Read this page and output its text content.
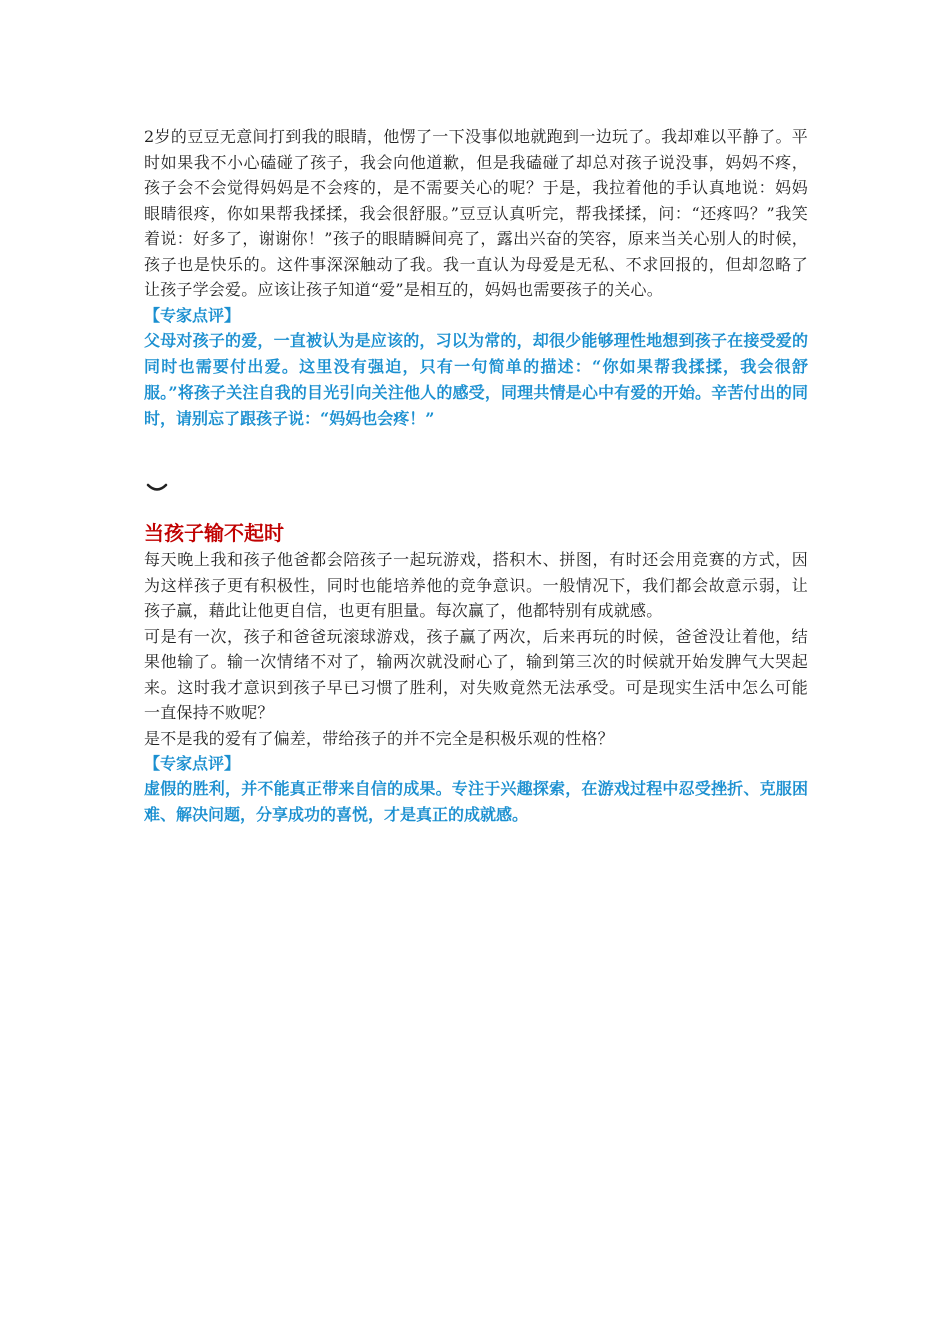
2岁的豆豆无意间打到我的眼睛，他愣了一下没事似地就跑到一边玩了。我却难以平静了。平时如果我不小心磕碰了孩子，我会向他道歉，但是我磕碰了却总对孩子说没事，妈妈不疼，孩子会不会觉得妈妈是不会疼的，是不需要关心的呢？于是，我拉着他的手认真地说：妈妈眼睛很疼，你如果帮我揉揉，我会很舒服。”豆豆认真听完，帮我揉揉，问：“还疼吗？”我笑着说：好多了，谢谢你！”孩子的眼睛瞬间亮了，露出兴奋的笑容，原来当关心别人的时候，孩子也是快乐的。这件事深深触动了我。我一直认为母爱是无私、不求回报的，但却忽略了让孩子学会爱。应该让孩子知道“爱”是相互的，妈妈也需要孩子的关心。

【专家点评】

父母对孩子的爱，一直被认为是应该的，习以为常的，却很少能够理性地想到孩子在接受爱的同时也需要付出爱。这里没有强迫，只有一句简单的描述：“你如果帮我揉揉，我会很舒服。”将孩子关注自我的目光引向关注他人的感受，同理共情是心中有爱的开始。辛苦付出的同时，请别忘了跟孩子说：“妈妈也会疼！”

当孩子输不起时

每天晚上我和孩子他爸都会陪孩子一起玩游戏，搭积木、拼图，有时还会用竞赛的方式，因为这样孩子更有积极性，同时也能培养他的竞争意识。一般情况下，我们都会故意示弱，让孩子赢，藉此让他更自信，也更有胆量。每次赢了，他都特别有成就感。

可是有一次，孩子和爸爸玩滚球游戏，孩子赢了两次，后来再玩的时候，爸爸没让着他，结果他输了。输一次情绪不对了，输两次就没耐心了，输到第三次的时候就开始发脾气大哭起来。这时我才意识到孩子早已习惯了胜利，对失败竟然无法承受。可是现实生活中怎么可能一直保持不败呢？

是不是我的爱有了偏差，带给孩子的并不完全是积极乐观的性格？

【专家点评】

虚假的胜利，并不能真正带来自信的成果。专注于兴趣探索，在游戏过程中忍受挫折、克服困难、解决问题，分享成功的喜悦，才是真正的成就感。
